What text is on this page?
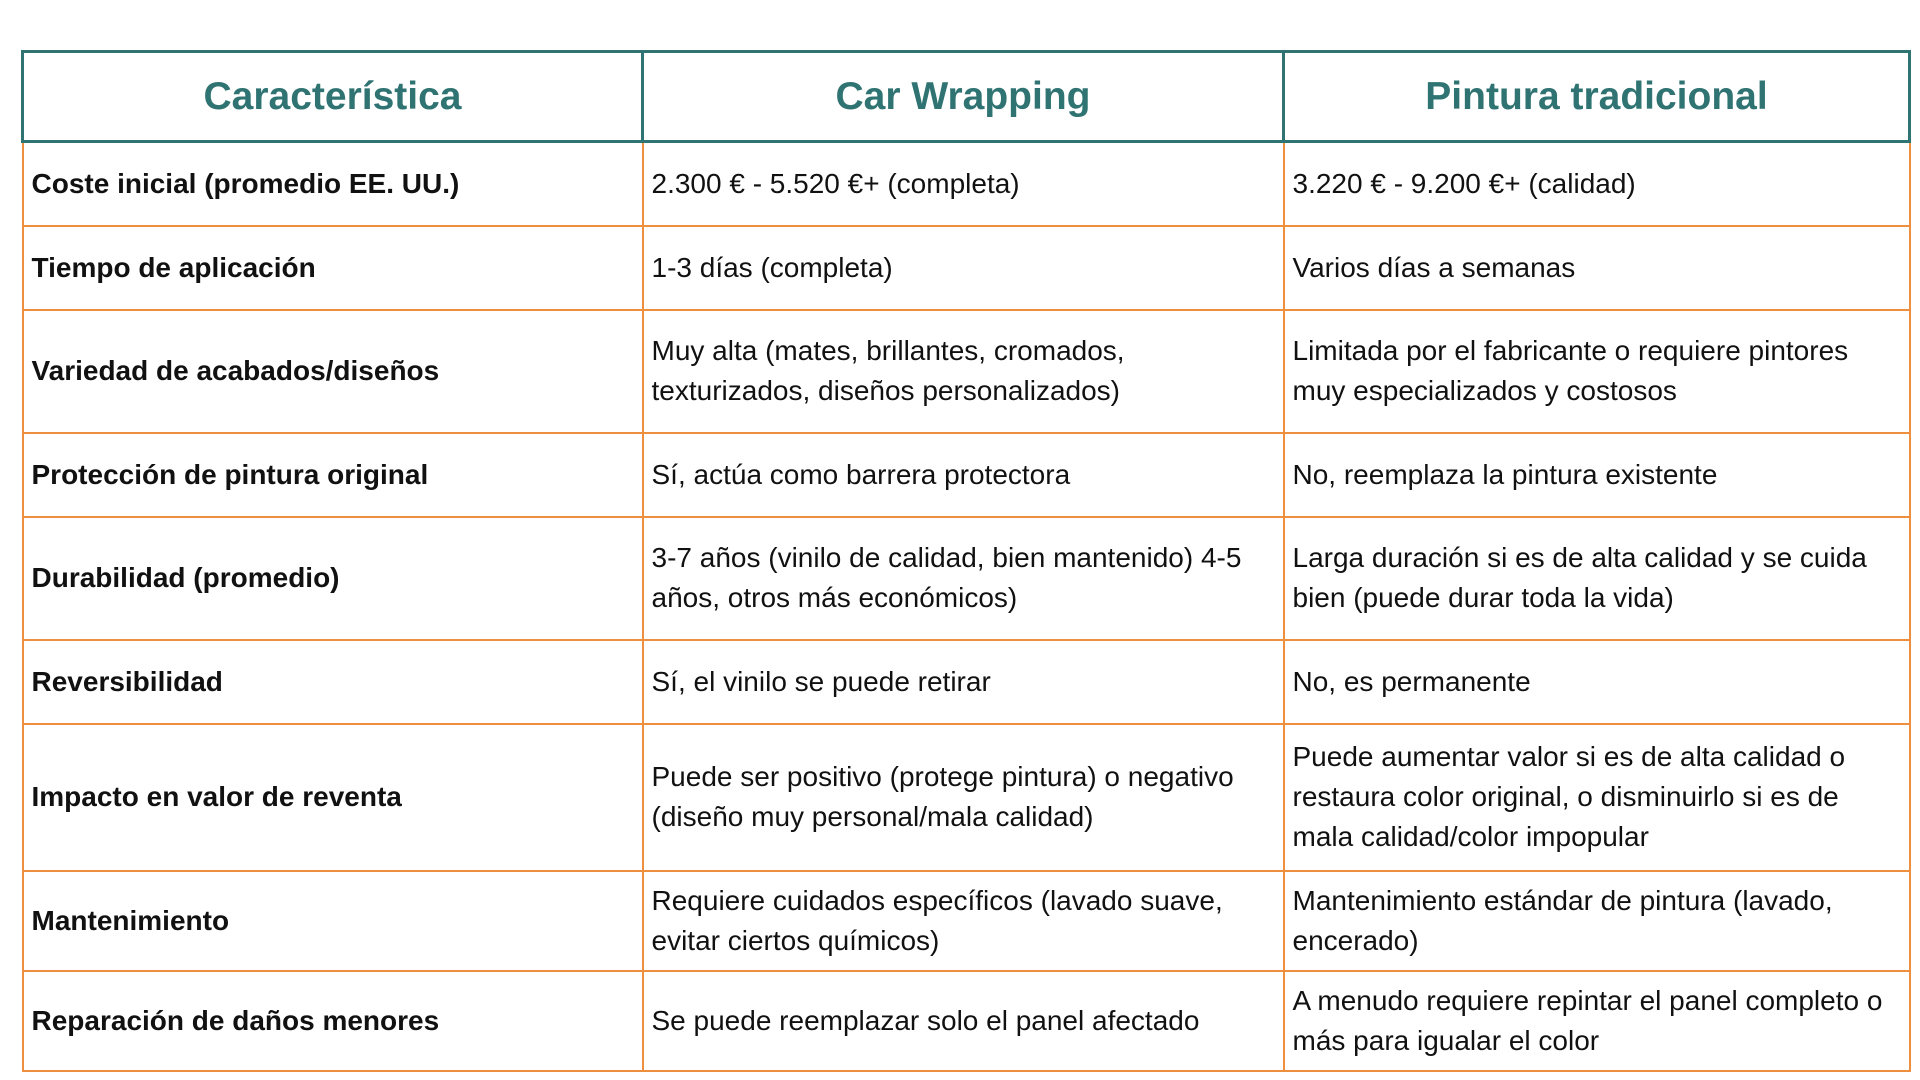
Característica	Car Wrapping	Pintura tradicional
Coste inicial (promedio EE. UU.)	2.300 € - 5.520 €+ (completa)	3.220 € - 9.200 €+ (calidad)
Tiempo de aplicación	1-3 días (completa)	Varios días a semanas
Variedad de acabados/diseños	Muy alta (mates, brillantes, cromados, texturizados, diseños personalizados)	Limitada por el fabricante o requiere pintores muy especializados y costosos
Protección de pintura original	Sí, actúa como barrera protectora	No, reemplaza la pintura existente
Durabilidad (promedio)	3-7 años (vinilo de calidad, bien mantenido) 4-5 años, otros más económicos)	Larga duración si es de alta calidad y se cuida bien (puede durar toda la vida)
Reversibilidad	Sí, el vinilo se puede retirar	No, es permanente
Impacto en valor de reventa	Puede ser positivo (protege pintura) o negativo (diseño muy personal/mala calidad)	Puede aumentar valor si es de alta calidad o restaura color original, o disminuirlo si es de mala calidad/color impopular
Mantenimiento	Requiere cuidados específicos (lavado suave, evitar ciertos químicos)	Mantenimiento estándar de pintura (lavado, encerado)
Reparación de daños menores	Se puede reemplazar solo el panel afectado	A menudo requiere repintar el panel completo o más para igualar el color
